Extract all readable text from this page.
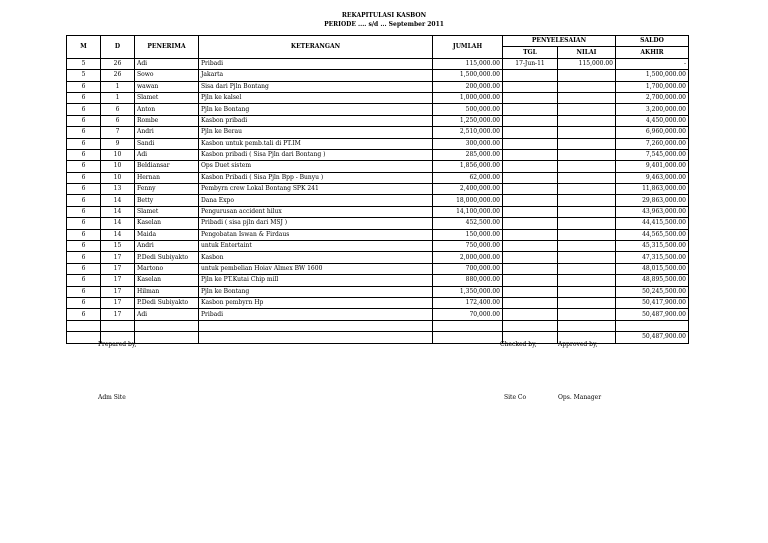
REKAPITULASI KASBON
PERIODE .... s/d ... September 2011
M	D	PENERIMA	KETERANGAN	JUMLAH	PENYELESAIAN		SALDO
					TGL	NILAI	AKHIR
5	26	Adi	Pribadi	115,000.00	17-Jun-11	115,000.00	-
5	26	Sowo	Jakarta	1,500,000.00			1,500,000.00
6	1	wawan	Sisa dari Pjln Bontang	200,000.00			1,700,000.00
6	1	Slamet	Pjln ke kalsel	1,000,000.00			2,700,000.00
6	6	Anton	Pjln ke Bontang	500,000.00			3,200,000.00
6	6	Rombe	Kasbon pribadi	1,250,000.00			4,450,000.00
6	7	Andri	Pjln ke Berau	2,510,000.00			6,960,000.00
6	9	Sandi	Kasbon untuk pemb.tali di PT.IM	300,000.00			7,260,000.00
6	10	Adi	Kasbon pribadi ( Sisa Pjln dari Bontang )	285,000.00			7,545,000.00
6	10	Beldiansar	Ops Duet sistem	1,856,000.00			9,401,000.00
6	10	Hernan	Kasbon Pribadi ( Sisa Pjln Bpp - Bunyu )	62,000.00			9,463,000.00
6	13	Fenny	Pembyrn crew Lokal Bontang SPK 241	2,400,000.00			11,863,000.00
6	14	Betty	Dana Expo	18,000,000.00			29,863,000.00
6	14	Slamet	Pengurusan accident hilux	14,100,000.00			43,963,000.00
6	14	Kaselan	Pribadi ( sisa pjln dari MSJ )	452,500.00			44,415,500.00
6	14	Maida	Pengobatan Iswan & Firdaus	150,000.00			44,565,500.00
6	15	Andri	untuk Entertaint	750,000.00			45,315,500.00
6	17	P.Dedi Subiyakto	Kasbon	2,000,000.00			47,315,500.00
6	17	Martono	untuk pembelian Hoiav Almex BW 1600	700,000.00			48,015,500.00
6	17	Kaselan	Pjln ke PT.Kutai Chip mill	880,000.00			48,895,500.00
6	17	Hilman	Pjln ke Bontang	1,350,000.00			50,245,500.00
6	17	P.Dedi Subiyakto	Kasbon pembyrn Hp	172,400.00			50,417,900.00
6	17	Adi	Pribadi	70,000.00			50,487,900.00

							50,487,900.00
Prepared by,	Checked by,	Approved by,
Adm Site	Site Co	Ops. Manager
